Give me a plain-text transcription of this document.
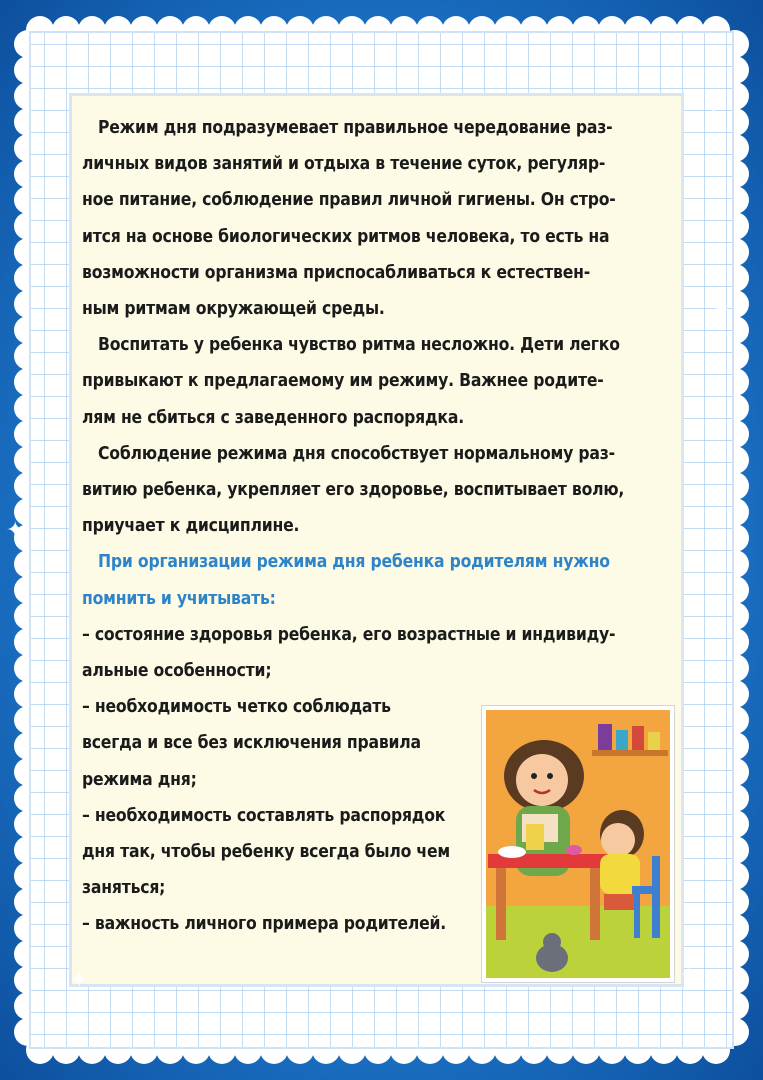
Режим дня подразумевает правильное чередование раз-

личных видов занятий и отдыха в течение суток, регуляр-

ное питание, соблюдение правил личной гигиены. Он стро-

ится на основе биологических ритмов человека, то есть на

возможности организма приспосабливаться к естествен-

ным ритмам окружающей среды.

Воспитать у ребенка чувство ритма несложно. Дети легко

привыкают к предлагаемому им режиму. Важнее родите-

лям не сбиться с заведенного распорядка.

Соблюдение режима дня способствует нормальному раз-

витию ребенка, укрепляет его здоровье, воспитывает волю,

приучает к дисциплине.

При организации режима дня ребенка родителям нужно

помнить и учитывать:

– состояние здоровья ребенка, его возрастные и индивиду-

альные особенности;

– необходимость четко соблюдать

всегда и все без исключения правила

режима дня;

– необходимость составлять распорядок

дня так, чтобы ребенку всегда было чем

заняться;

– важность личного примера родителей.

✦
✦
✦	✦
✦
